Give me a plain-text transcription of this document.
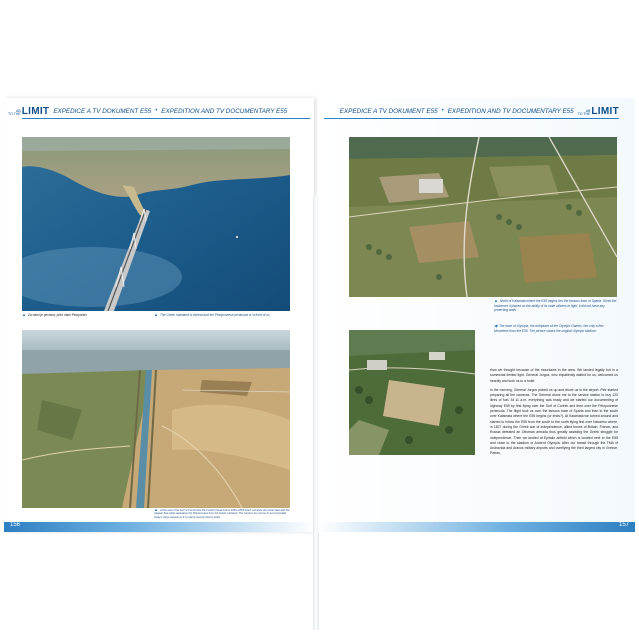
AB
TO THE LIMIT EXPEDICE A TV DOKUMENT E55 • EXPEDITION AND TV DOCUMENTARY E55
▲ Za námi je pevnina, před námi Peloponés	▲ The Greek mainland is behind and the Peloponnese peninsula is in front of us
▲ At the end of the Gulf of Corinth lies the Corinth Canal built in 1881–1893 which connects the Ionian Sea with the Aegean Sea while separating the Peloponnese from the Greek mainland. The Canal is too narrow to accommodate today's cargo vessels so it is mainly used by leisure boats
156
EXPEDICE A TV DOKUMENT E55 • EXPEDITION AND TV DOCUMENTARY E55	AB
TO THE LIMIT
▲ North of Kalamata where the E55 begins lies the famous town of Sparta. Given the insistence it placed on the ability of its male citizens to fight, it did not have any protecting walls
◀ The town of Olympia, the birthplace of the Olympic Games, lies only a few kilometres from the E55. The picture shows the original Olympic stadium

than we thought because of the mountains in the area. We landed legally but in a somewhat limited light. General Jorgos, who impatiently waited for us, welcomed us heartily and took us to a hotel.

In the morning, General Jorgos picked us up and drove us to the airport. Petr started preparing all the cameras. The General drove me to the service station to buy 120 litres of fuel. At 11 a.m. everything was ready and we started our documenting of highway E55 by first flying over the Gulf of Corinth and then over the Peloponnese peninsula. The flight took us over the famous town of Sparta and then to the south over Kalamata where the E55 begins (or ends?). At Kalamata we turned around and started to follow the E55 from the south to the north flying first over Navarino where, in 1827 during the Greek war of independence, allied forces of Britain, France, and Russia defeated an Ottoman armada thus greatly assisting the Greek struggle for independence. Then we landed at Epitalio airfield which is located next to the E55 and close to the stadium of Ancient Olympia. After our transit through the TMA of Andravida and Araxos military airports and overflying the third largest city in Greece, Patras,

157
